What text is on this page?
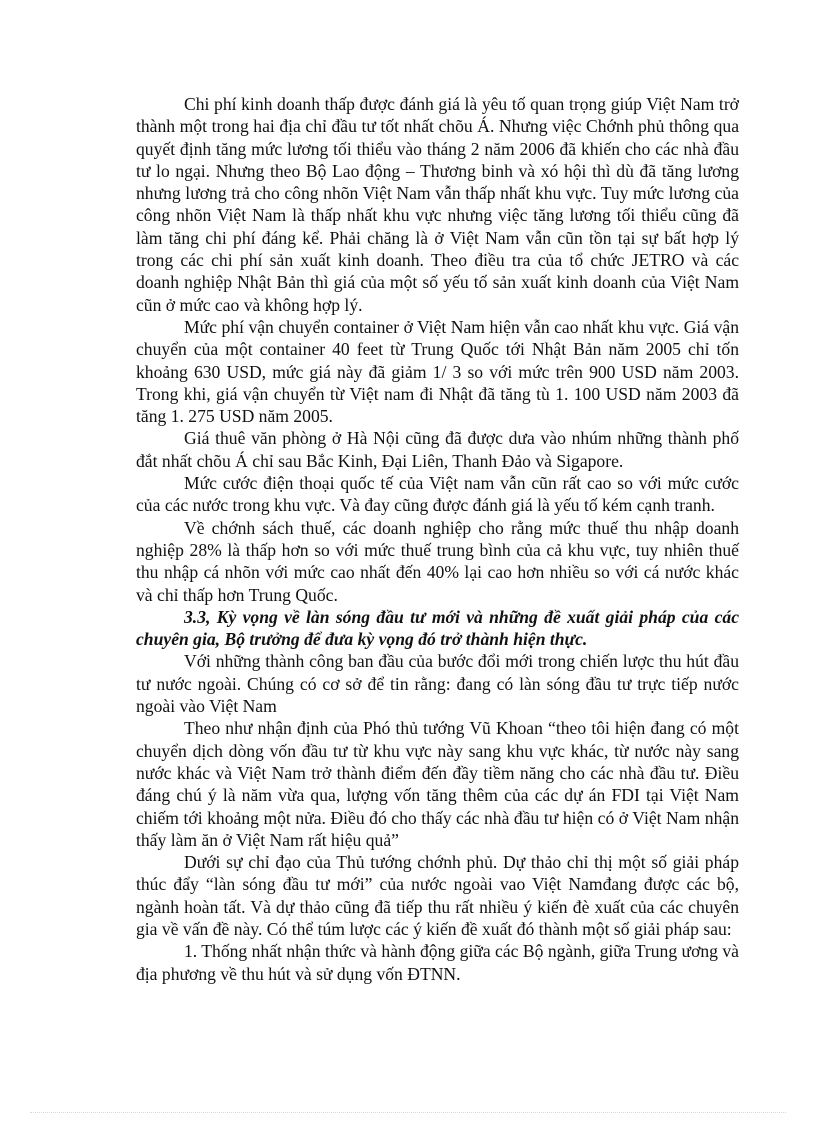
Chi phí kinh doanh thấp được đánh giá là yêu tố quan trọng giúp Việt Nam trở thành một trong hai địa chỉ đầu tư tốt nhất chõu Á. Nhưng việc Chớnh phủ thông qua quyết định tăng mức lương tối thiểu vào tháng 2 năm 2006 đã khiến cho các nhà đầu tư lo ngại. Nhưng theo Bộ Lao động – Thương binh và xó hội thì dù đã tăng lương nhưng lương trả cho công nhõn Việt Nam vẫn thấp nhất khu vực. Tuy mức lương của công nhõn Việt Nam là thấp nhất khu vực nhưng việc tăng lương tối thiểu cũng đã làm tăng chi phí đáng kể. Phải chăng là ở Việt Nam vẫn cũn tồn tại sự bất hợp lý trong các chi phí sản xuất kinh doanh. Theo điều tra của tổ chức JETRO và các doanh nghiệp Nhật Bản thì giá của một số yếu tố sản xuất kinh doanh của Việt Nam cũn ở mức cao và không hợp lý.

Mức phí vận chuyển container ở Việt Nam hiện vẫn cao nhất khu vực. Giá vận chuyển của một container 40 feet từ Trung Quốc tới Nhật Bản năm 2005 chỉ tốn khoảng 630 USD, mức giá này đã giảm 1/ 3 so với mức trên 900 USD năm 2003. Trong khi, giá vận chuyển từ Việt nam đi Nhật đã tăng tù 1. 100 USD năm 2003 đã tăng 1. 275 USD năm 2005.

Giá thuê văn phòng ở Hà Nội cũng đã được dưa vào nhúm những thành phố đắt nhất chõu Á chỉ sau Bắc Kinh, Đại Liên, Thanh Đảo và Sigapore.

Mức cước điện thoại quốc tế của Việt nam vẫn cũn rất cao so với mức cước của các nước trong khu vực. Và đay cũng được đánh giá là yếu tố kém cạnh tranh.

Về chớnh sách thuế, các doanh nghiệp cho rằng mức thuế thu nhập doanh nghiệp 28% là thấp hơn so với mức thuế trung bình của cả khu vực, tuy nhiên thuế thu nhập cá nhõn với mức cao nhất đến 40% lại cao hơn nhiều so với cá nước khác và chỉ thấp hơn Trung Quốc.

3.3, Kỳ vọng về làn sóng đầu tư mới và những đề xuất giải pháp của các chuyên gia, Bộ trưởng để đưa kỳ vọng đó trở thành hiện thực.

Với những thành công ban đầu của bước đổi mới trong chiến lược thu hút đầu tư nước ngoài. Chúng có cơ sở để tin rằng: đang có làn sóng đầu tư trực tiếp nước ngoài vào Việt Nam

Theo như nhận định của Phó thủ tướng Vũ Khoan “theo tôi hiện đang có một chuyển dịch dòng vốn đầu tư từ khu vực này sang khu vực khác, từ nước này sang nước khác và Việt Nam trở thành điểm đến đầy tiềm năng cho các nhà đầu tư. Điều đáng chú ý là năm vừa qua, lượng vốn tăng thêm của các dự án FDI tại Việt Nam chiếm tới khoảng một nửa. Điều đó cho thấy các nhà đầu tư hiện có ở Việt Nam nhận thấy làm ăn ở Việt Nam rất hiệu quả”

Dưới sự chỉ đạo của Thủ tướng chớnh phủ. Dự thảo chỉ thị một số giải pháp thúc đẩy “làn sóng đầu tư mới” của nước ngoài vao Việt Namđang được các bộ, ngành hoàn tất. Và dự thảo cũng đã tiếp thu rất nhiều ý kiến đè xuất của các chuyên gia về vấn đề này. Có thể túm lược các ý kiến đề xuất đó thành một số giải pháp sau:

1. Thống nhất nhận thức và hành động giữa các Bộ ngành, giữa Trung ương và địa phương về thu hút và sử dụng vốn ĐTNN.
